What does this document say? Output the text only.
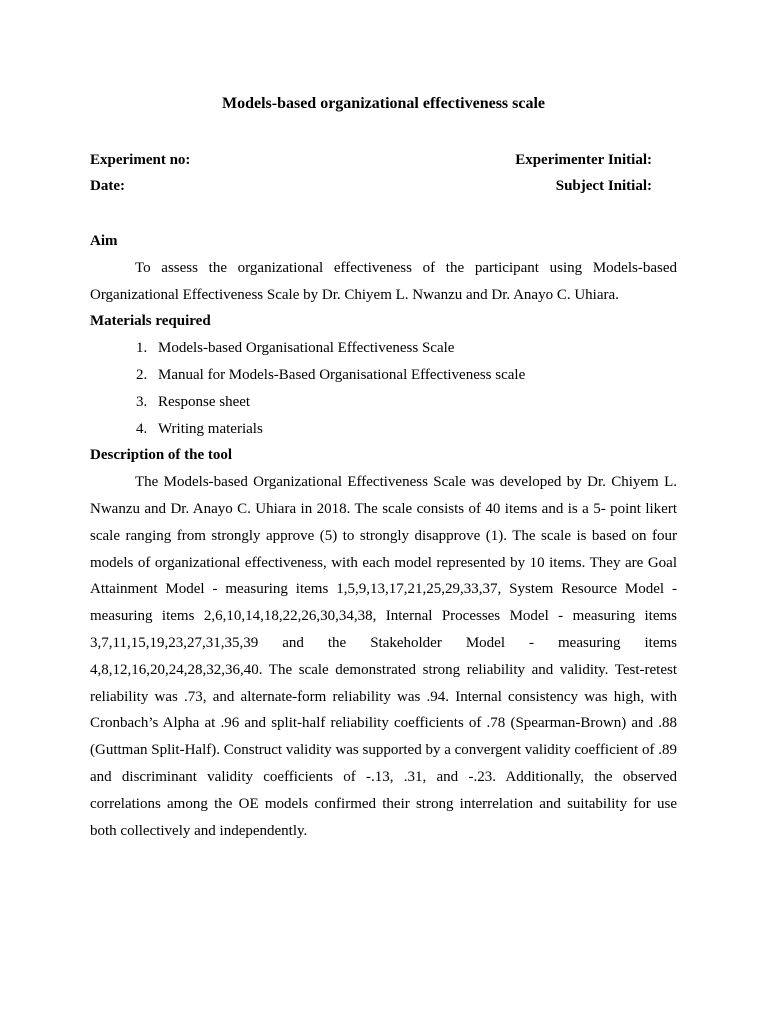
Models-based organizational effectiveness scale
Experiment no:	Experimenter Initial:
Date:	Subject Initial:

Aim

To assess the organizational effectiveness of the participant using Models-based Organizational Effectiveness Scale by Dr. Chiyem L. Nwanzu and Dr. Anayo C. Uhiara.

Materials required

1. Models-based Organisational Effectiveness Scale
2. Manual for Models-Based Organisational Effectiveness scale
3. Response sheet
4. Writing materials

Description of the tool

The Models-based Organizational Effectiveness Scale was developed by Dr. Chiyem L. Nwanzu and Dr. Anayo C. Uhiara in 2018. The scale consists of 40 items and is a 5- point likert scale ranging from strongly approve (5) to strongly disapprove (1). The scale is based on four models of organizational effectiveness, with each model represented by 10 items. They are Goal Attainment Model - measuring items 1,5,9,13,17,21,25,29,33,37, System Resource Model - measuring items 2,6,10,14,18,22,26,30,34,38, Internal Processes Model - measuring items 3,7,11,15,19,23,27,31,35,39 and the Stakeholder Model - measuring items 4,8,12,16,20,24,28,32,36,40. The scale demonstrated strong reliability and validity. Test-retest reliability was .73, and alternate-form reliability was .94. Internal consistency was high, with Cronbach’s Alpha at .96 and split-half reliability coefficients of .78 (Spearman-Brown) and .88 (Guttman Split-Half). Construct validity was supported by a convergent validity coefficient of .89 and discriminant validity coefficients of -.13, .31, and -.23. Additionally, the observed correlations among the OE models confirmed their strong interrelation and suitability for use both collectively and independently.
